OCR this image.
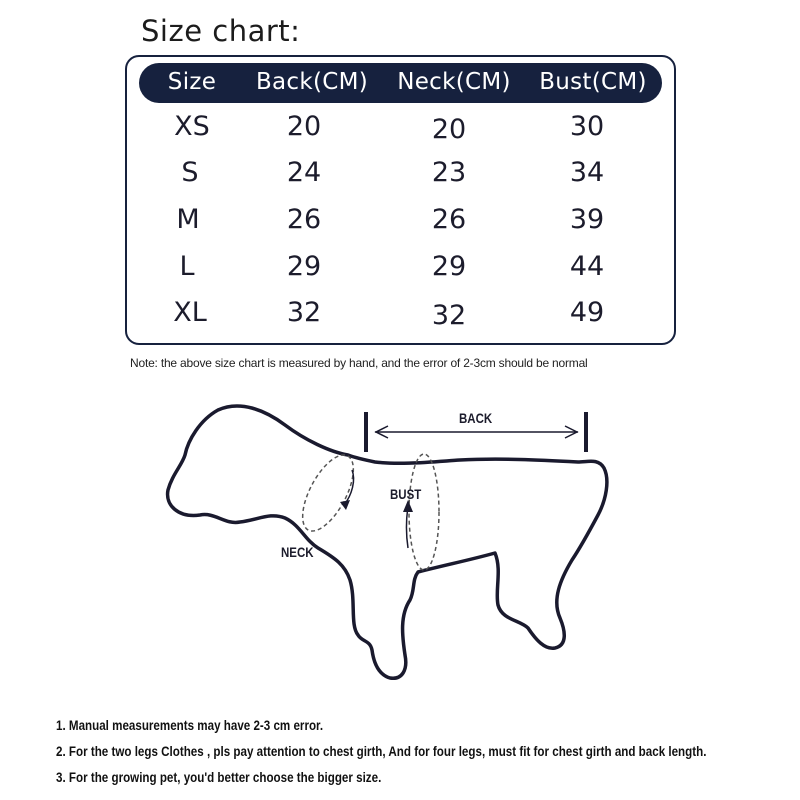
Size chart:
Size Back(CM) Neck(CM) Bust(CM)
XS	20	20	30
S	24	23	34
M	26	26	39
L	29	29	44
XL	32	32	49
Note: the above size chart is measured by hand, and the error of 2-3cm should be normal
BACK
BUST
NECK
1. Manual measurements may have 2-3 cm error.
2. For the two legs Clothes , pls pay attention to chest girth, And for four legs, must fit for chest girth and back length.
3. For the growing pet, you'd better choose the bigger size.
